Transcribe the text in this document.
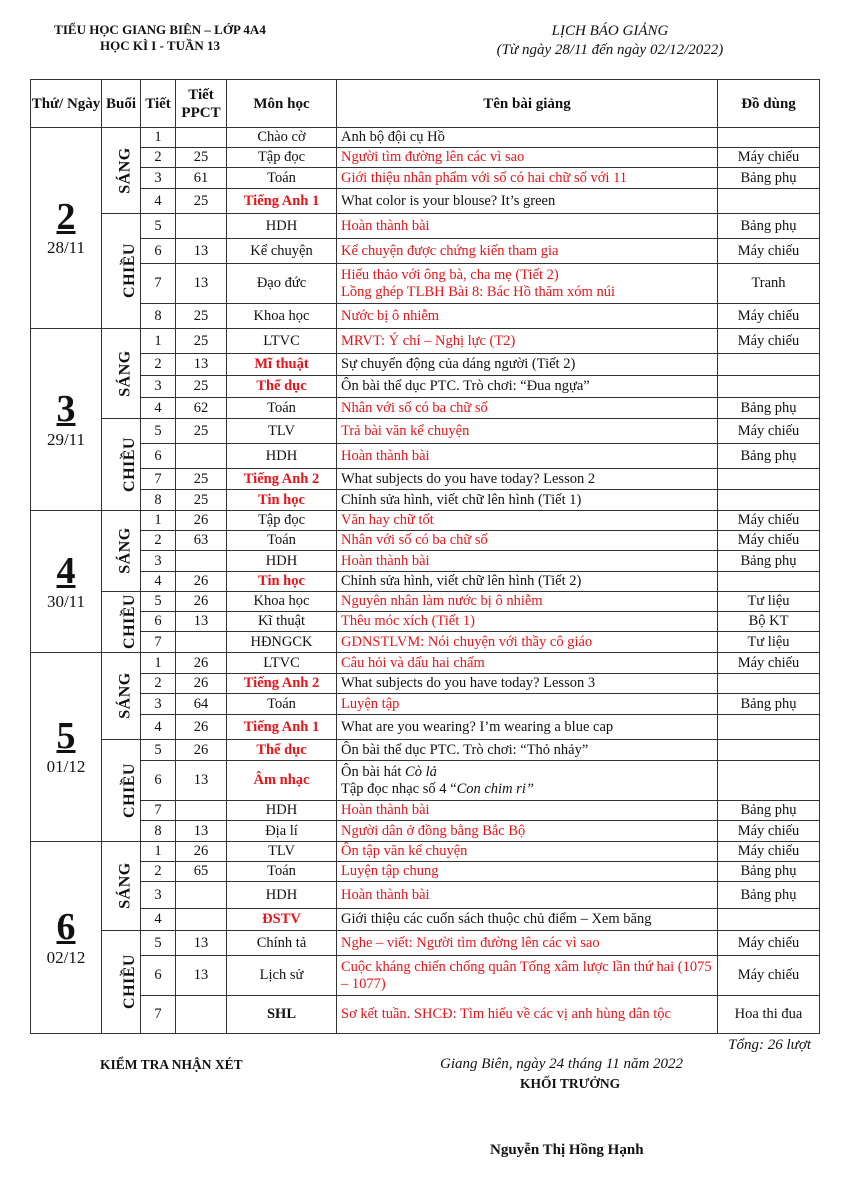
TIỂU HỌC GIANG BIÊN – LỚP 4A4
HỌC KÌ I - TUẦN 13
LỊCH BÁO GIẢNG
(Từ ngày 28/11 đến ngày 02/12/2022)
Thứ/ Ngày	Buổi	Tiết	Tiết PPCT	Môn học	Tên bài giảng	Đồ dùng

2
28/11	SÁNG	1		Chào cờ	Anh bộ đội cụ Hồ	

		2	25	Tập đọc	Người tìm đường lên các vì sao	Máy chiếu
		3	61	Toán	Giới thiệu nhân phẩm với số có hai chữ số với 11	Bảng phụ
		4	25	Tiếng Anh 1	What color is your blouse? It’s green	

	CHIỀU	5		HDH	Hoàn thành bài	Bảng phụ
		6	13	Kể chuyện	Kể chuyện được chứng kiến tham gia	Máy chiếu
		7	13	Đạo đức	Hiếu thảo với ông bà, cha mẹ (Tiết 2)
Lồng ghép TLBH Bài 8: Bác Hồ thăm xóm núi	Tranh
		8	25	Khoa học	Nước bị ô nhiễm	Máy chiếu

3
29/11	SÁNG	1	25	LTVC	MRVT: Ý chí – Nghị lực (T2)	Máy chiếu
		2	13	Mĩ thuật	Sự chuyển động của dáng người (Tiết 2)	

		3	25	Thể dục	Ôn bài thể dục PTC. Trò chơi: “Đua ngựa”	

		4	62	Toán	Nhân với số có ba chữ số	Bảng phụ
	CHIỀU	5	25	TLV	Trả bài văn kể chuyện	Máy chiếu
		6		HDH	Hoàn thành bài	Bảng phụ
		7	25	Tiếng Anh 2	What subjects do you have today? Lesson 2	

		8	25	Tin học	Chỉnh sửa hình, viết chữ lên hình (Tiết 1)	

4
30/11	SÁNG	1	26	Tập đọc	Văn hay chữ tốt	Máy chiếu
		2	63	Toán	Nhân với số có ba chữ số	Máy chiếu
		3		HDH	Hoàn thành bài	Bảng phụ
		4	26	Tin học	Chỉnh sửa hình, viết chữ lên hình (Tiết 2)	

	CHIỀU	5	26	Khoa học	Nguyên nhân làm nước bị ô nhiễm	Tư liệu
		6	13	Kĩ thuật	Thêu móc xích (Tiết 1)	Bộ KT
		7		HĐNGCK	GDNSTLVM: Nói chuyện với thầy cô giáo	Tư liệu

5
01/12	SÁNG	1	26	LTVC	Câu hỏi và dấu hai chấm	Máy chiếu
		2	26	Tiếng Anh 2	What subjects do you have today? Lesson 3	

		3	64	Toán	Luyện tập	Bảng phụ
		4	26	Tiếng Anh 1	What are you wearing? I’m wearing a blue cap	

	CHIỀU	5	26	Thể dục	Ôn bài thể dục PTC. Trò chơi: “Thỏ nhảy”	

		6	13	Âm nhạc	Ôn bài hát Cò lả
Tập đọc nhạc số 4 “Con chim ri”	

		7		HDH	Hoàn thành bài	Bảng phụ
		8	13	Địa lí	Người dân ở đồng bằng Bắc Bộ	Máy chiếu

6
02/12	SÁNG	1	26	TLV	Ôn tập văn kể chuyện	Máy chiếu
		2	65	Toán	Luyện tập chung	Bảng phụ
		3		HDH	Hoàn thành bài	Bảng phụ
		4		ĐSTV	Giới thiệu các cuốn sách thuộc chủ điểm – Xem băng	

	CHIỀU	5	13	Chính tả	Nghe – viết: Người tìm đường lên các vì sao	Máy chiếu
		6	13	Lịch sử	Cuộc kháng chiến chống quân Tống xâm lược lần thứ hai (1075 – 1077)	Máy chiếu
		7		SHL	Sơ kết tuần. SHCĐ: Tìm hiểu về các vị anh hùng dân tộc	Hoa thi đua
Tổng: 26 lượt
KIỂM TRA NHẬN XÉT	Giang Biên, ngày 24 tháng 11 năm 2022
KHỐI TRƯỞNG
Nguyễn Thị Hồng Hạnh
